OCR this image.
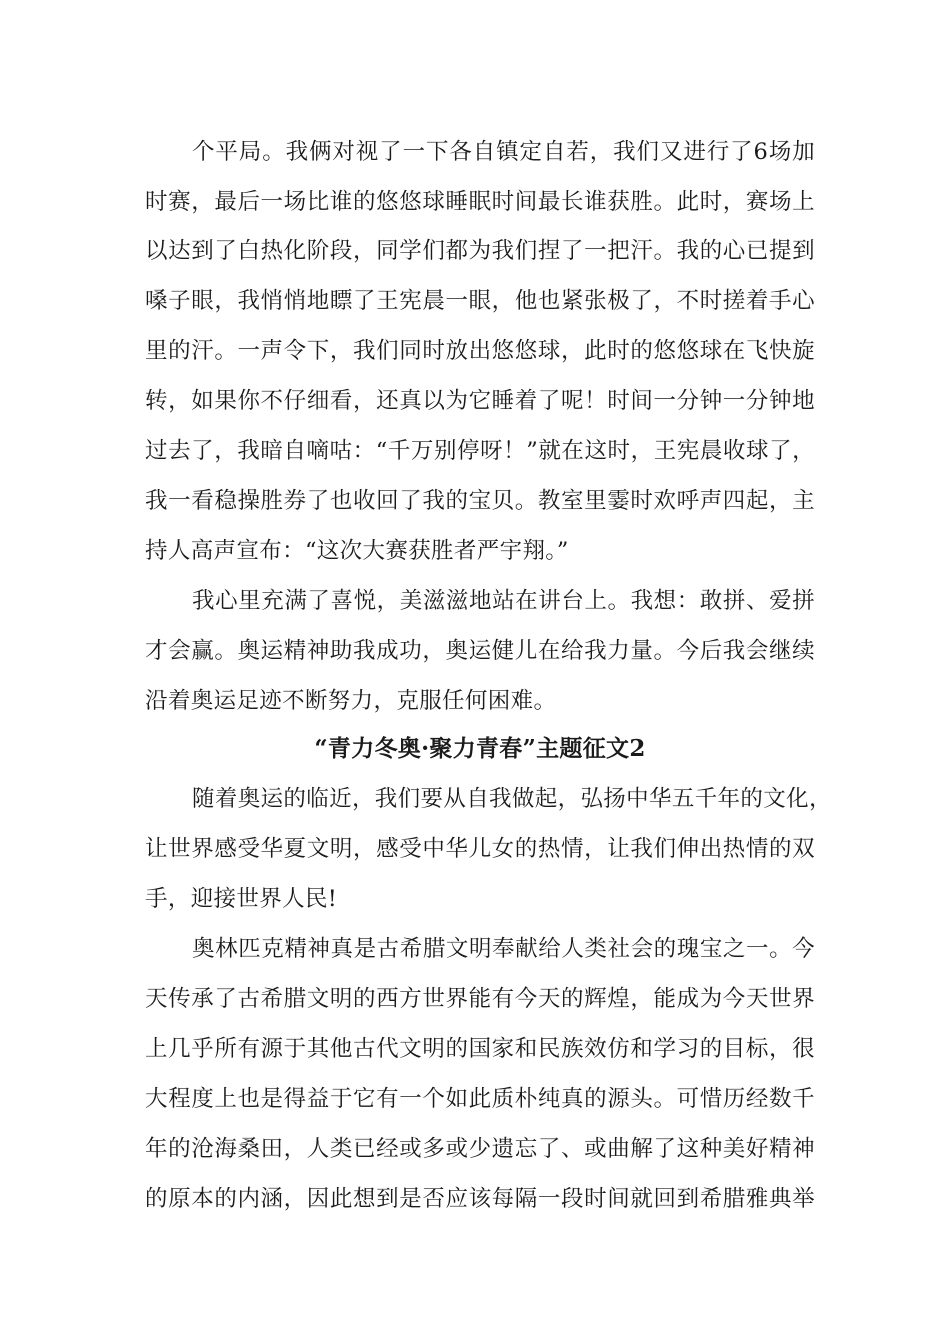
个平局。我俩对视了一下各自镇定自若，我们又进行了6场加
时赛，最后一场比谁的悠悠球睡眠时间最长谁获胜。此时，赛场上
以达到了白热化阶段，同学们都为我们捏了一把汗。我的心已提到
嗓子眼，我悄悄地瞟了王宪晨一眼，他也紧张极了，不时搓着手心
里的汗。一声令下，我们同时放出悠悠球，此时的悠悠球在飞快旋
转，如果你不仔细看，还真以为它睡着了呢！时间一分钟一分钟地
过去了，我暗自嘀咕：“千万别停呀！”就在这时，王宪晨收球了，
我一看稳操胜券了也收回了我的宝贝。教室里霎时欢呼声四起，主
持人高声宣布：“这次大赛获胜者严宇翔。”
我心里充满了喜悦，美滋滋地站在讲台上。我想：敢拼、爱拼
才会赢。奥运精神助我成功，奥运健儿在给我力量。今后我会继续
沿着奥运足迹不断努力，克服任何困难。
“青力冬奥·聚力青春”主题征文2
随着奥运的临近，我们要从自我做起，弘扬中华五千年的文化，
让世界感受华夏文明，感受中华儿女的热情，让我们伸出热情的双
手，迎接世界人民!
奥林匹克精神真是古希腊文明奉献给人类社会的瑰宝之一。今
天传承了古希腊文明的西方世界能有今天的辉煌，能成为今天世界
上几乎所有源于其他古代文明的国家和民族效仿和学习的目标，很
大程度上也是得益于它有一个如此质朴纯真的源头。可惜历经数千
年的沧海桑田，人类已经或多或少遗忘了、或曲解了这种美好精神
的原本的内涵，因此想到是否应该每隔一段时间就回到希腊雅典举
